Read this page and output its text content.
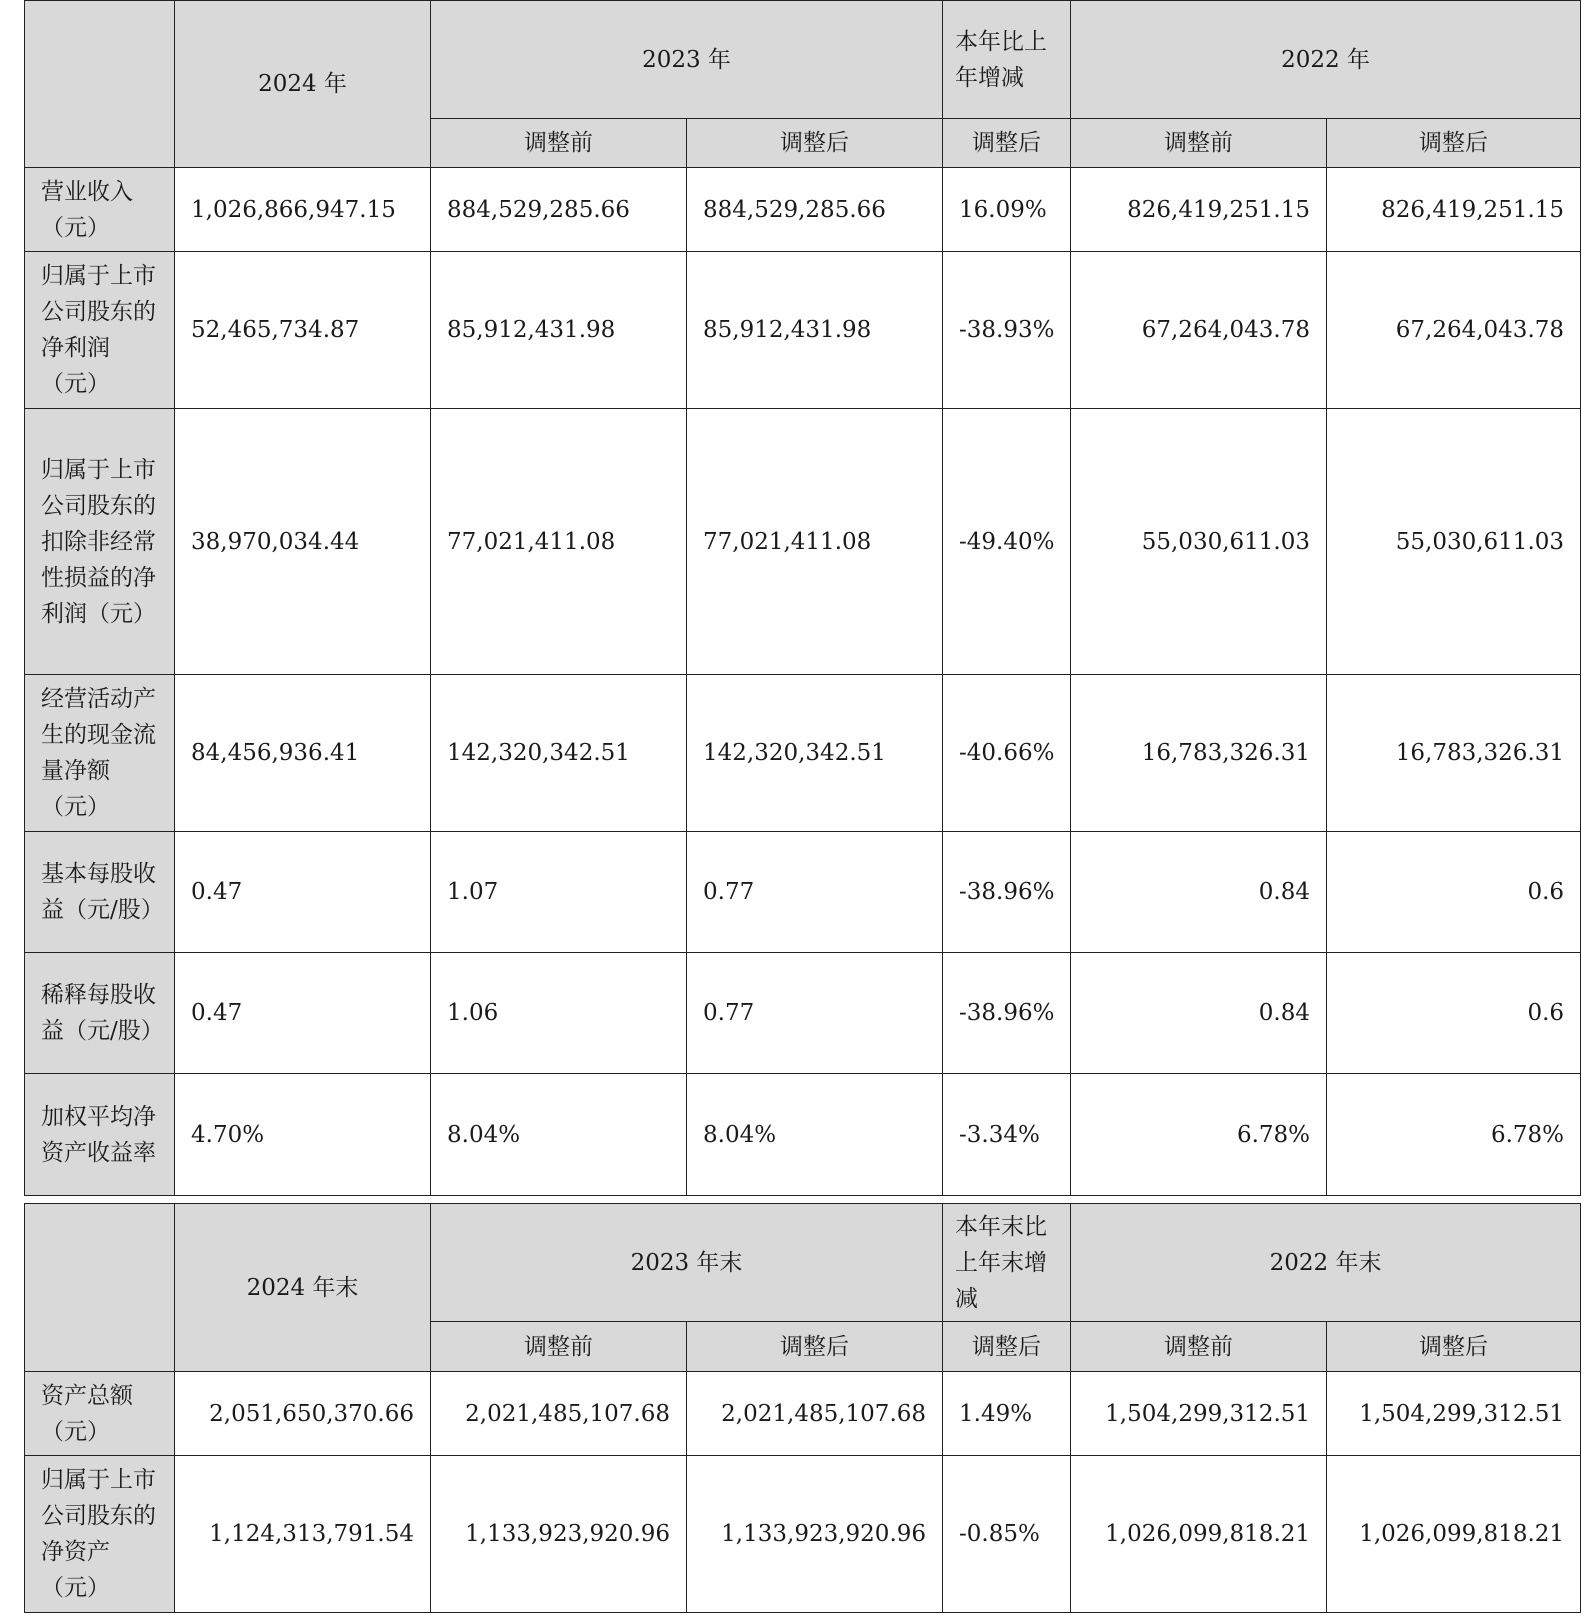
	2024 年	2023 年		本年比上年增减	2022 年	
		调整前	调整后	调整后	调整前	调整后
营业收入（元）	1,026,866,947.15	884,529,285.66	884,529,285.66	16.09%	826,419,251.15	826,419,251.15
归属于上市公司股东的净利润（元）	52,465,734.87	85,912,431.98	85,912,431.98	-38.93%	67,264,043.78	67,264,043.78
归属于上市公司股东的扣除非经常性损益的净利润（元）	38,970,034.44	77,021,411.08	77,021,411.08	-49.40%	55,030,611.03	55,030,611.03
经营活动产生的现金流量净额（元）	84,456,936.41	142,320,342.51	142,320,342.51	-40.66%	16,783,326.31	16,783,326.31
基本每股收益（元/股）	0.47	1.07	0.77	-38.96%	0.84	0.6
稀释每股收益（元/股）	0.47	1.06	0.77	-38.96%	0.84	0.6
加权平均净资产收益率	4.70%	8.04%	8.04%	-3.34%	6.78%	6.78%
	2024 年末	2023 年末		本年末比上年末增减	2022 年末	
		调整前	调整后	调整后	调整前	调整后
资产总额（元）	2,051,650,370.66	2,021,485,107.68	2,021,485,107.68	1.49%	1,504,299,312.51	1,504,299,312.51
归属于上市公司股东的净资产（元）	1,124,313,791.54	1,133,923,920.96	1,133,923,920.96	-0.85%	1,026,099,818.21	1,026,099,818.21
